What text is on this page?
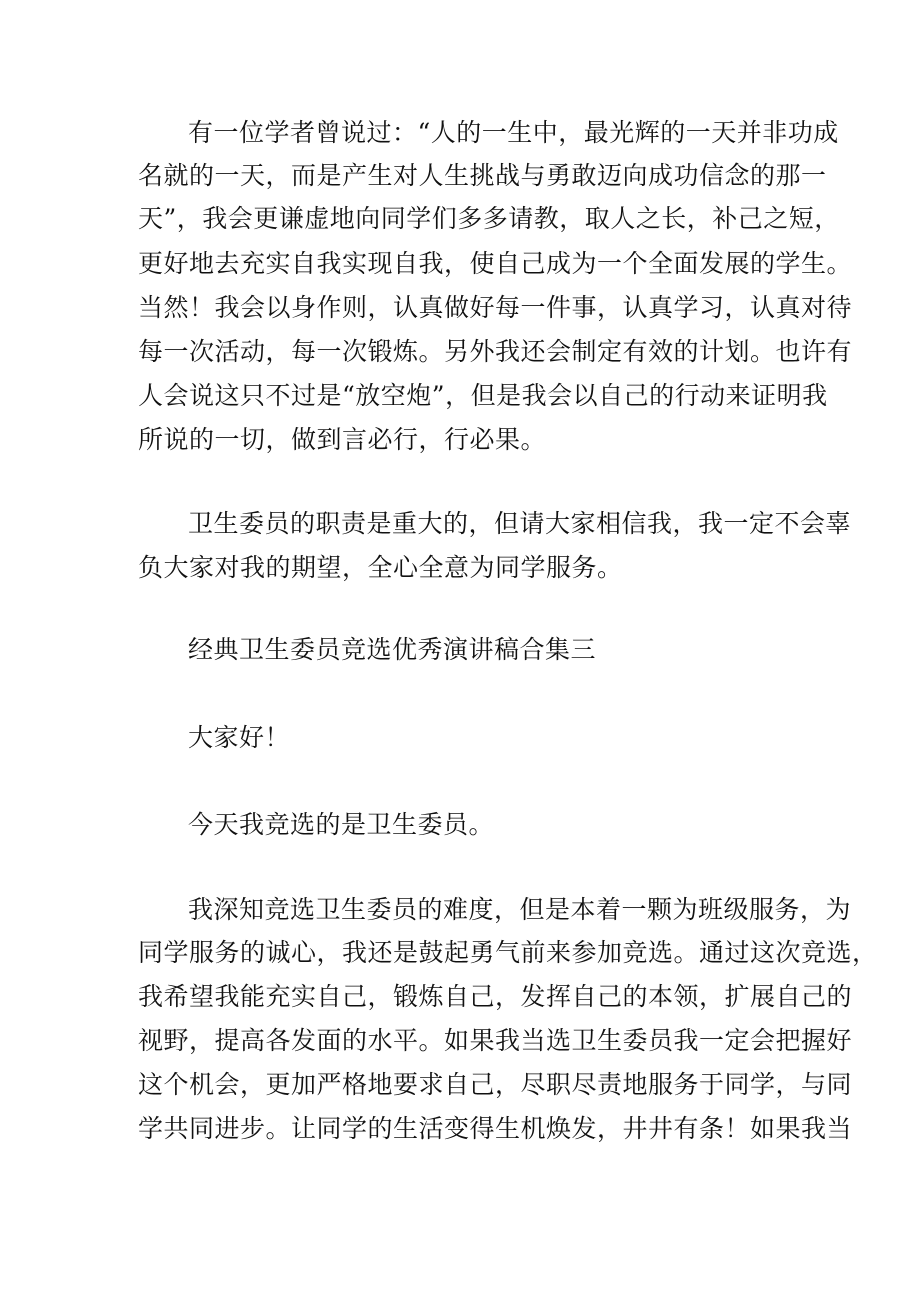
有一位学者曾说过：“人的一生中，最光辉的一天并非功成
名就的一天，而是产生对人生挑战与勇敢迈向成功信念的那一
天”，我会更谦虚地向同学们多多请教，取人之长，补己之短，
更好地去充实自我实现自我，使自己成为一个全面发展的学生。
当然！我会以身作则，认真做好每一件事，认真学习，认真对待
每一次活动，每一次锻炼。另外我还会制定有效的计划。也许有
人会说这只不过是“放空炮”，但是我会以自己的行动来证明我
所说的一切，做到言必行，行必果。
卫生委员的职责是重大的，但请大家相信我，我一定不会辜
负大家对我的期望，全心全意为同学服务。
经典卫生委员竞选优秀演讲稿合集三
大家好！
今天我竞选的是卫生委员。
我深知竞选卫生委员的难度，但是本着一颗为班级服务，为
同学服务的诚心，我还是鼓起勇气前来参加竞选。通过这次竞选，
我希望我能充实自己，锻炼自己，发挥自己的本领，扩展自己的
视野，提高各发面的水平。如果我当选卫生委员我一定会把握好
这个机会，更加严格地要求自己，尽职尽责地服务于同学，与同
学共同进步。让同学的生活变得生机焕发，井井有条！如果我当
